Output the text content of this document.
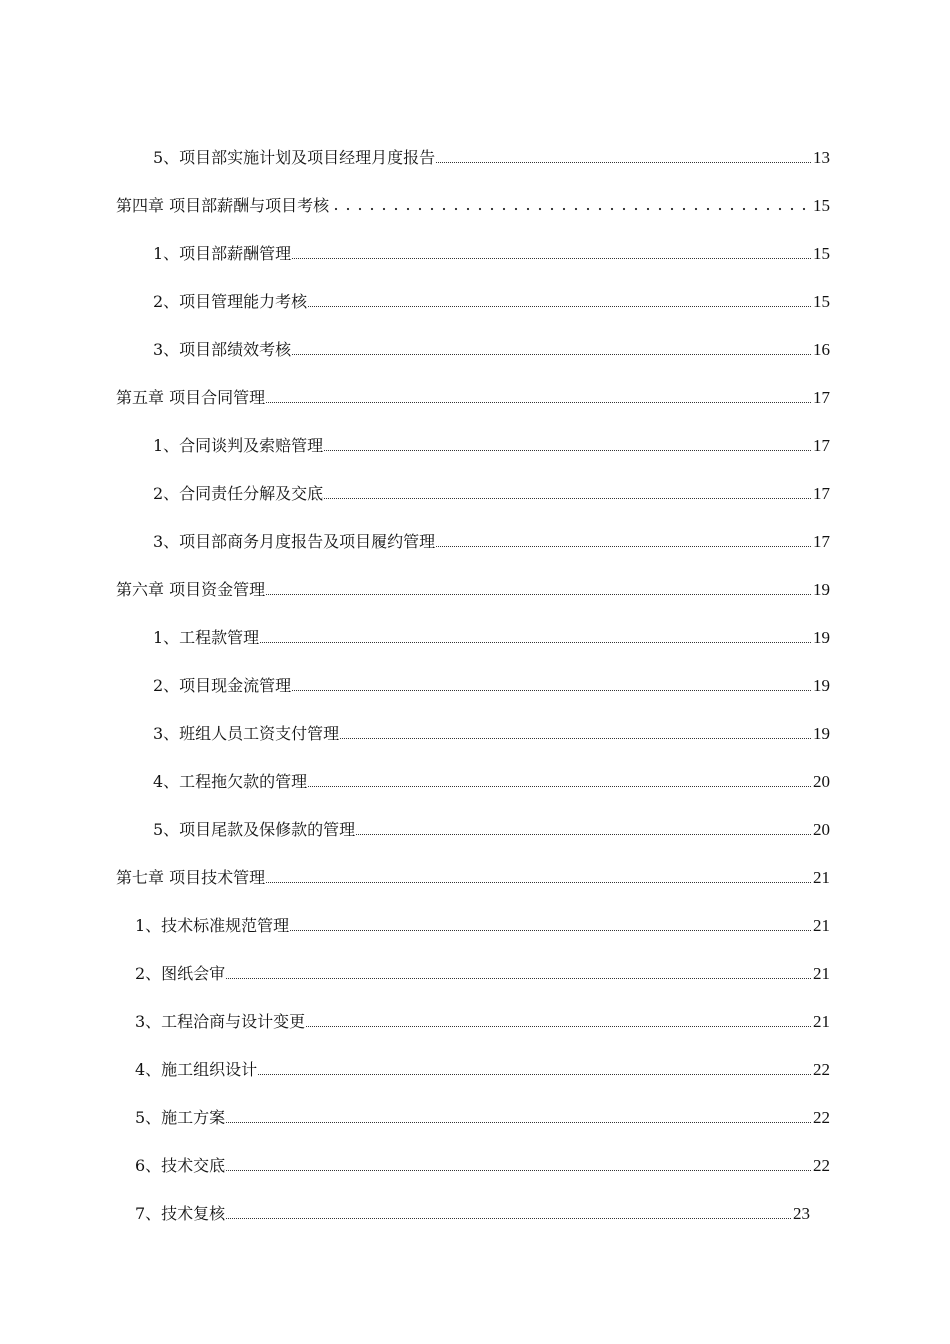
5、项目部实施计划及项目经理月度报告	13
第四章 项目部薪酬与项目考核	15
1、项目部薪酬管理	15
2、项目管理能力考核	15
3、项目部绩效考核	16
第五章 项目合同管理	17
1、合同谈判及索赔管理	17
2、合同责任分解及交底	17
3、项目部商务月度报告及项目履约管理	17
第六章 项目资金管理	19
1、工程款管理	19
2、项目现金流管理	19
3、班组人员工资支付管理	19
4、工程拖欠款的管理	20
5、项目尾款及保修款的管理	20
第七章 项目技术管理	21
1、技术标准规范管理	21
2、图纸会审	21
3、工程洽商与设计变更	21
4、施工组织设计	22
5、施工方案	22
6、技术交底	22
7、技术复核	23
